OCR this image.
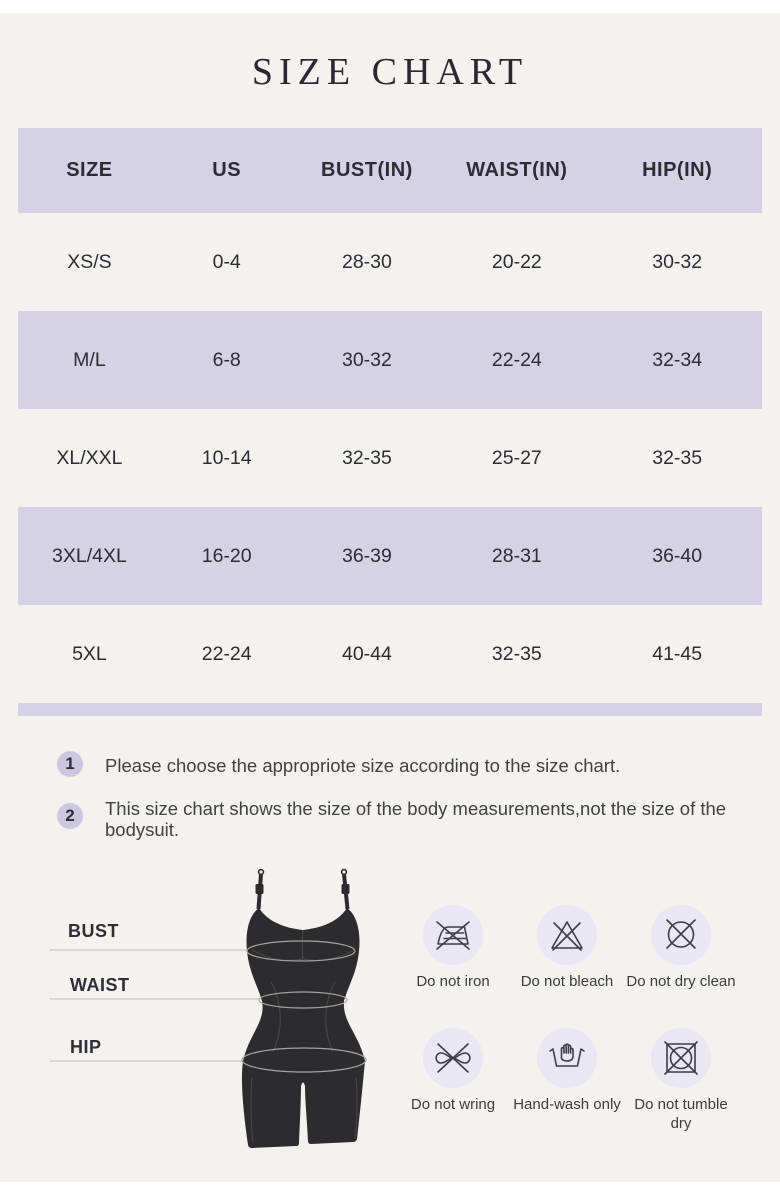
SIZE CHART
SIZE	US	BUST(IN)	WAIST(IN)	HIP(IN)
XS/S	0-4	28-30	20-22	30-32
M/L	6-8	30-32	22-24	32-34
XL/XXL	10-14	32-35	25-27	32-35
3XL/4XL	16-20	36-39	28-31	36-40
5XL	22-24	40-44	32-35	41-45
1	Please choose the appropriote size according to the size chart.
2	This size chart shows the size of the body measurements,not the size of the bodysuit.
BUST
WAIST
HIP
Do not iron	Do not bleach Do not dry clean
Do not wring	Hand-wash only Do not tumble dry
